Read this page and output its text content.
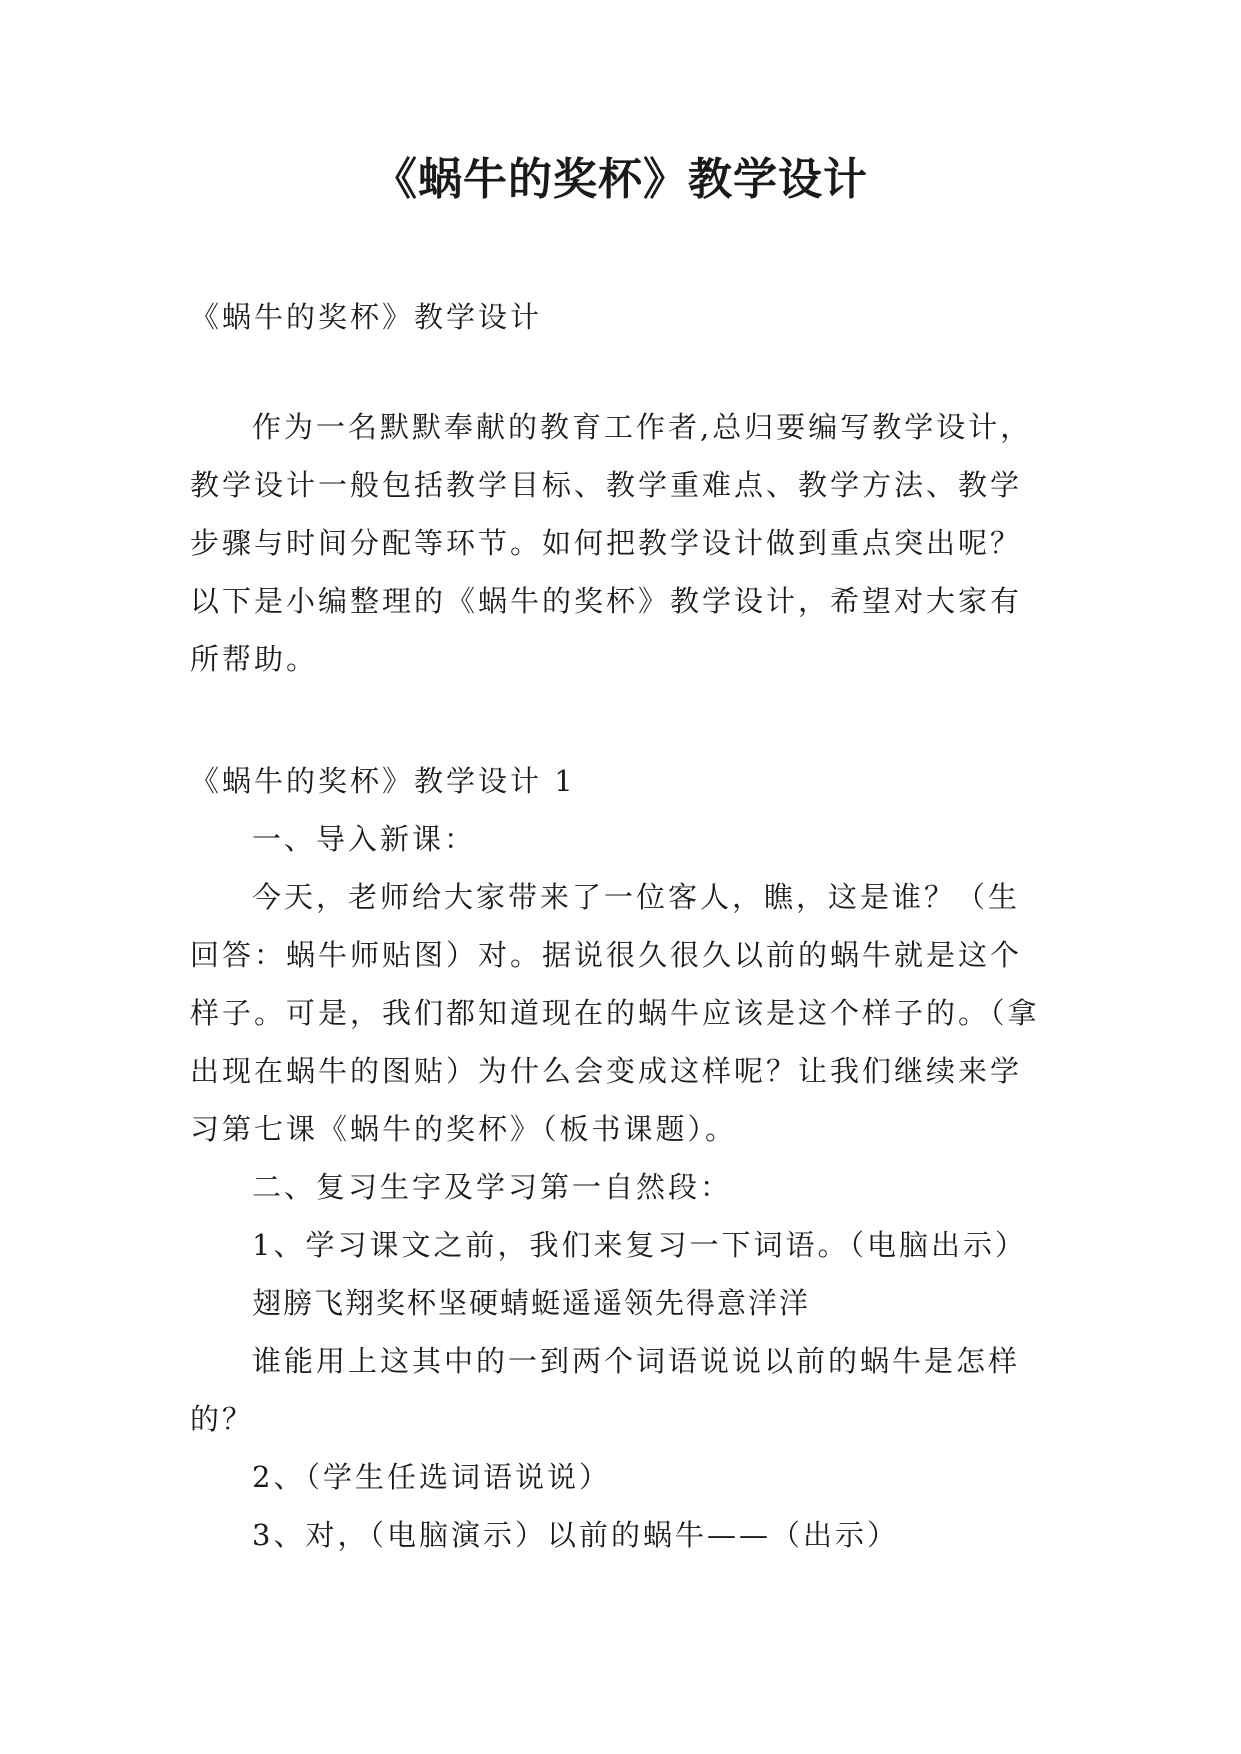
《蜗牛的奖杯》教学设计
《蜗牛的奖杯》教学设计

作为一名默默奉献的教育工作者,总归要编写教学设计，教学设计一般包括教学目标、教学重难点、教学方法、教学步骤与时间分配等环节。如何把教学设计做到重点突出呢？以下是小编整理的《蜗牛的奖杯》教学设计，希望对大家有所帮助。

《蜗牛的奖杯》教学设计 1

一、导入新课：

今天，老师给大家带来了一位客人，瞧，这是谁？（生回答：蜗牛师贴图）对。据说很久很久以前的蜗牛就是这个样子。可是，我们都知道现在的蜗牛应该是这个样子的。（拿出现在蜗牛的图贴）为什么会变成这样呢？让我们继续来学习第七课《蜗牛的奖杯》（板书课题）。

二、复习生字及学习第一自然段：

1、学习课文之前，我们来复习一下词语。（电脑出示）

翅膀飞翔奖杯坚硬蜻蜓遥遥领先得意洋洋

谁能用上这其中的一到两个词语说说以前的蜗牛是怎样的？

2、（学生任选词语说说）

3、对，（电脑演示）以前的蜗牛——（出示）
